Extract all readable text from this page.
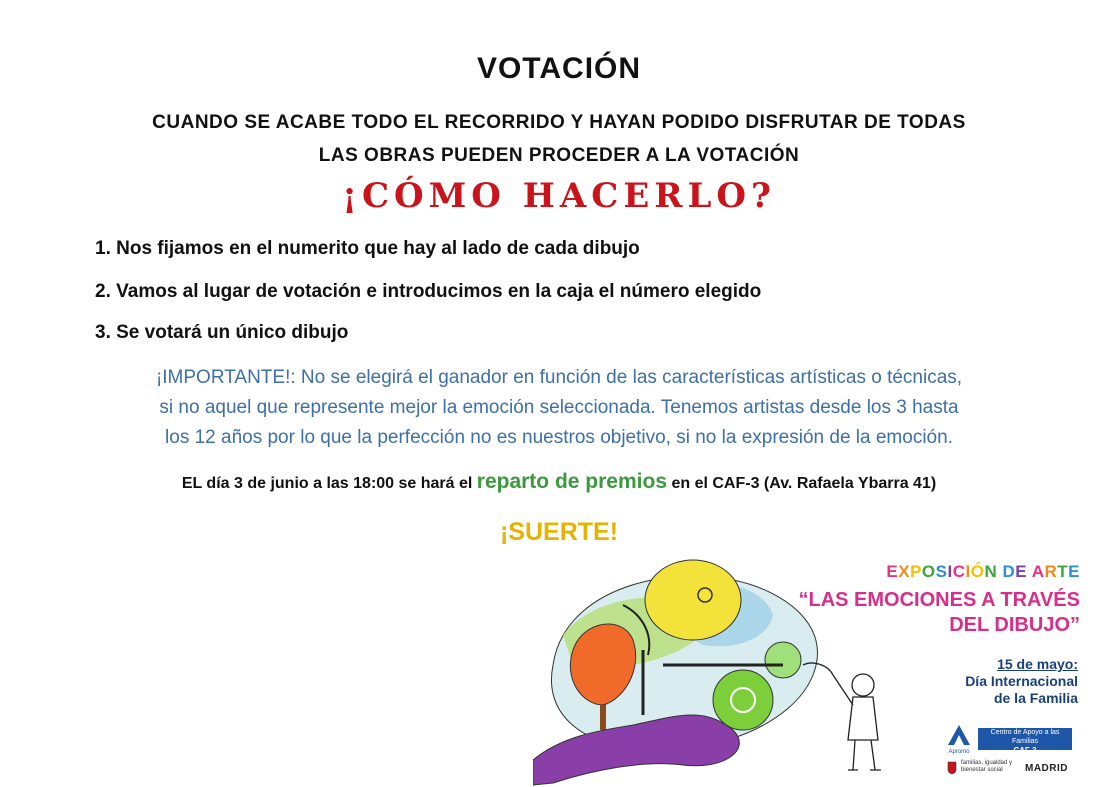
VOTACIÓN
CUANDO SE ACABE TODO EL RECORRIDO Y HAYAN PODIDO DISFRUTAR DE TODAS
LAS OBRAS PUEDEN PROCEDER A LA VOTACIÓN
¡CÓMO HACERLO?
1. Nos fijamos en el numerito que hay al lado de cada dibujo
2. Vamos al lugar de votación e introducimos en la caja el número elegido
3. Se votará un único dibujo
¡IMPORTANTE!: No se elegirá el ganador en función de las características artísticas o técnicas,
si no aquel que represente mejor la emoción seleccionada. Tenemos artistas desde los 3 hasta
los 12 años por lo que la perfección no es nuestros objetivo, si no la expresión de la emoción.
EL día 3 de junio a las 18:00 se hará el reparto de premios en el CAF-3 (Av. Rafaela Ybarra 41)
¡SUERTE!
EXPOSICIÓN DE ARTE
“LAS EMOCIONES A TRAVÉS
DEL DIBUJO”
15 de mayo:
Día Internacional
de la Familia
Apromo
Centro de Apoyo a las Familias
CAF 3
familias, igualdad y bienestar social	MADRID
